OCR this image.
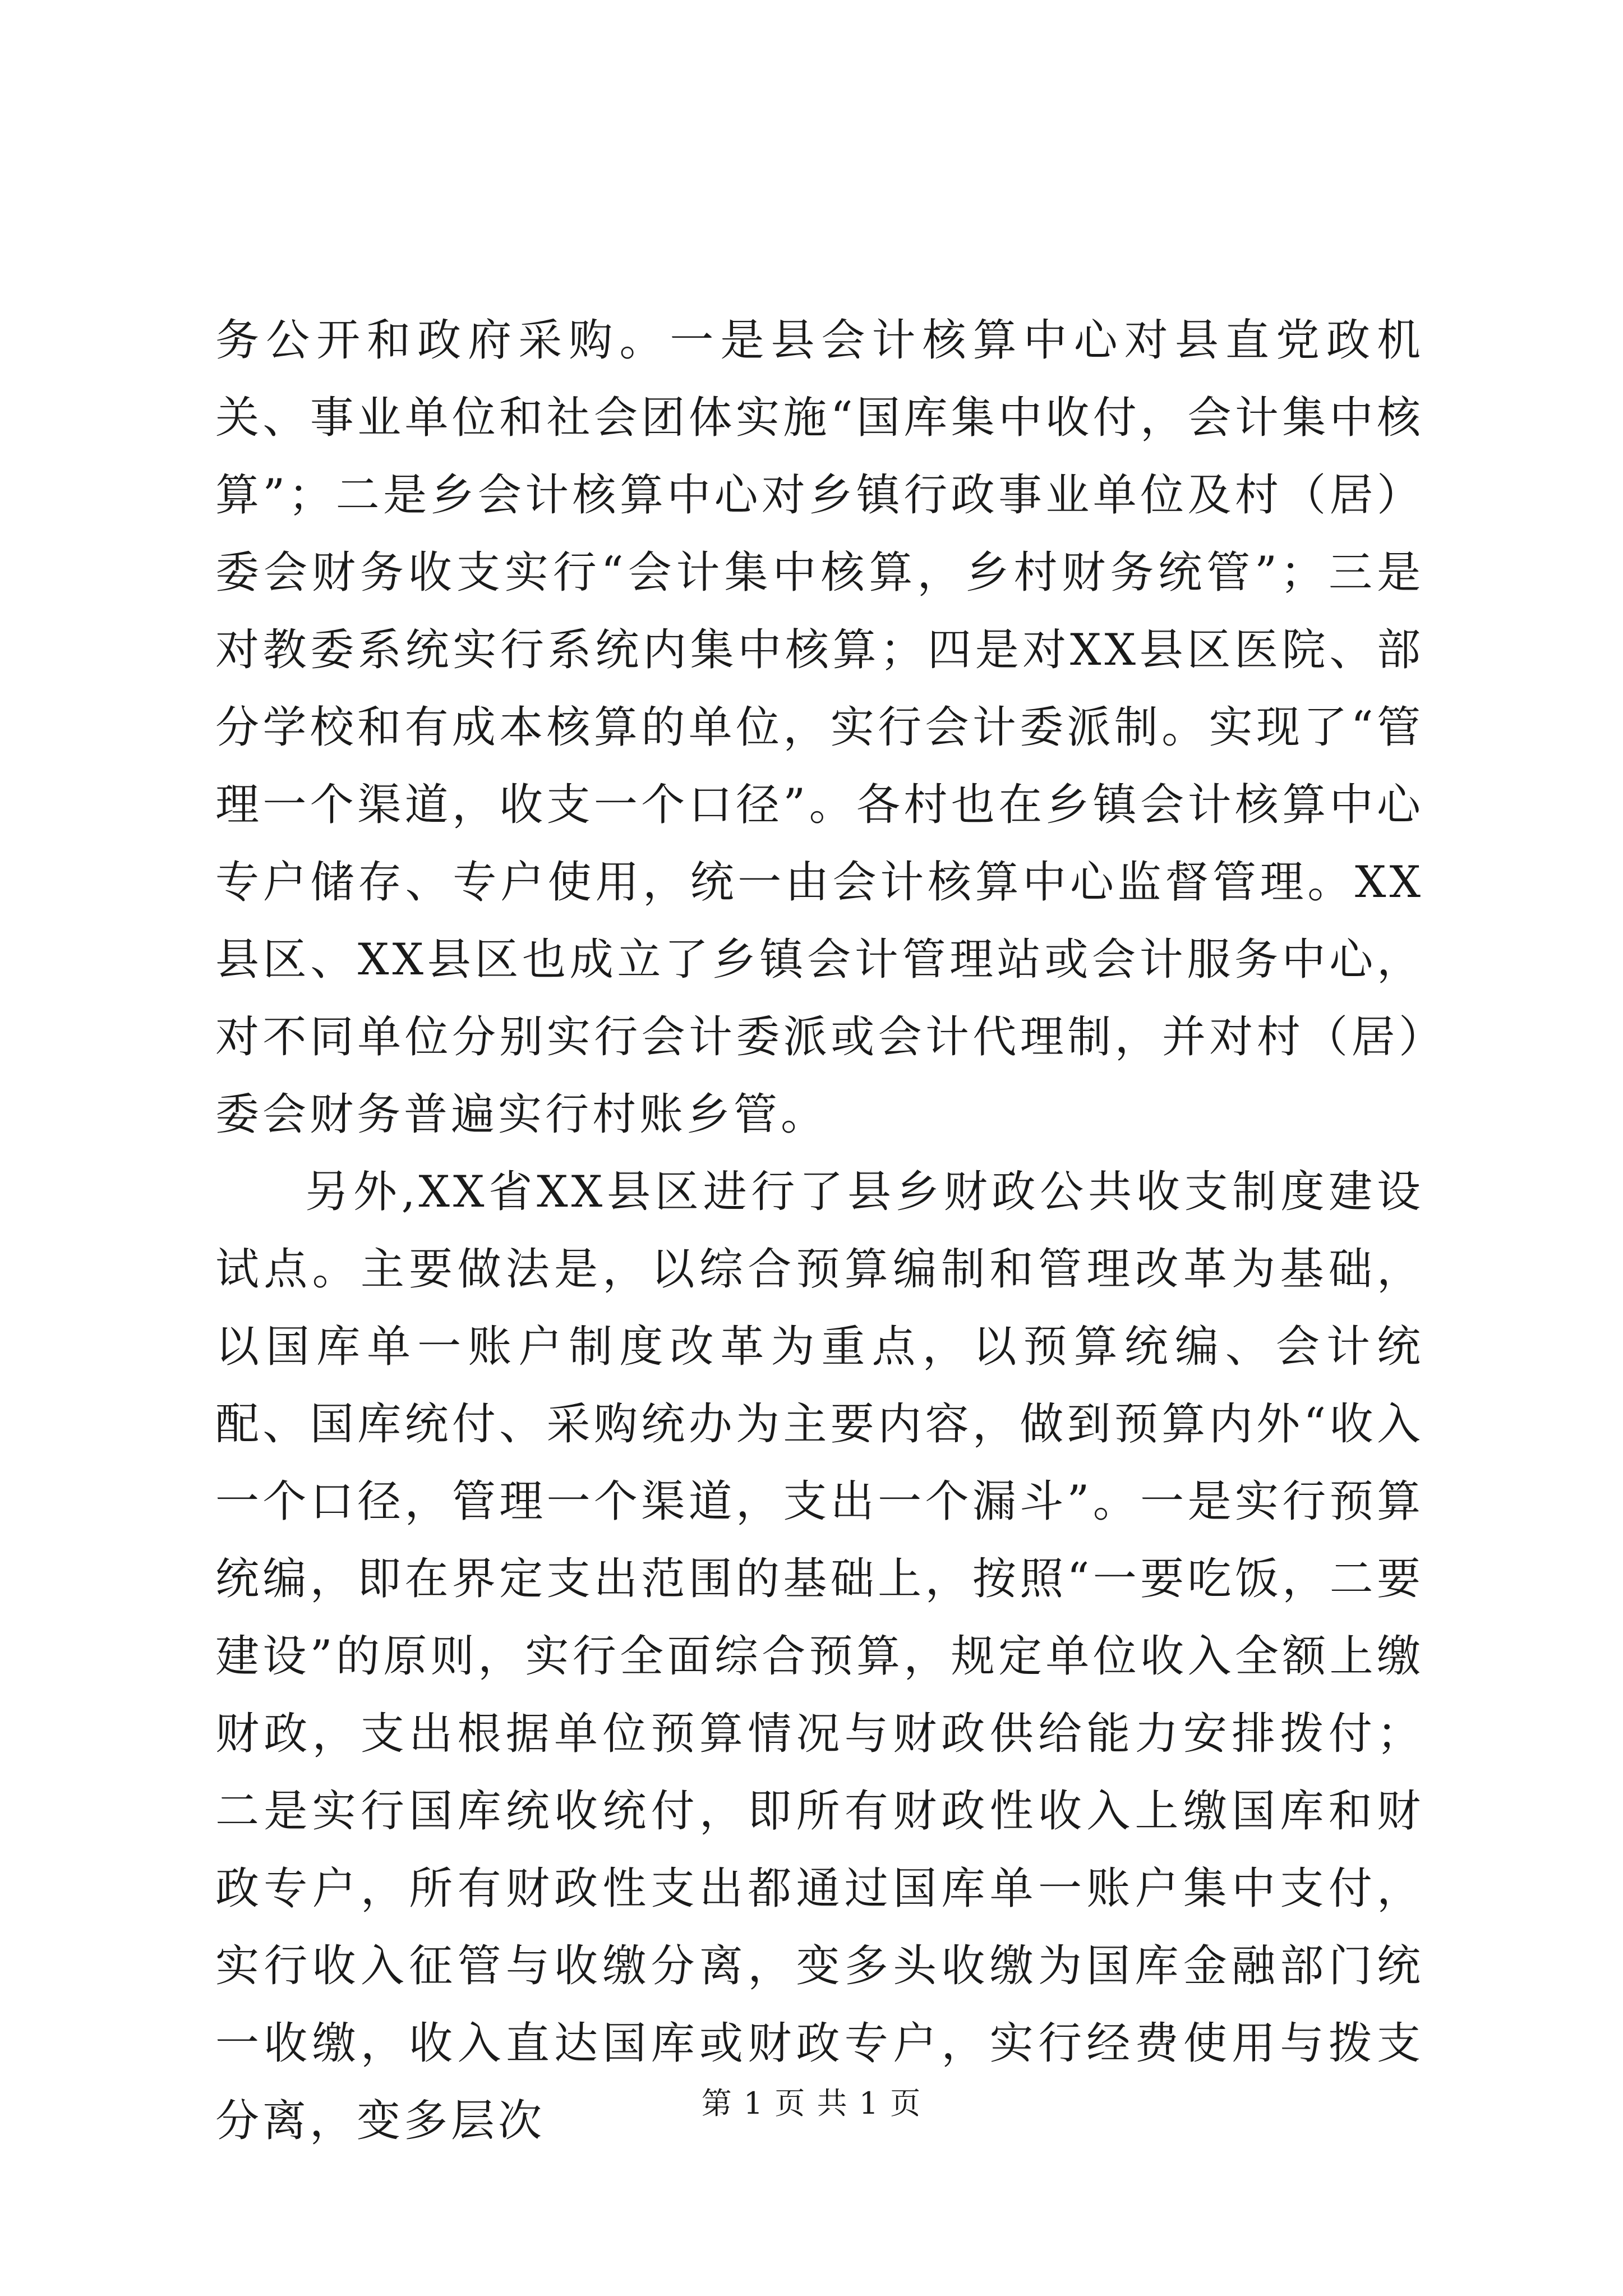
务公开和政府采购。一是县会计核算中心对县直党政机关、事业单位和社会团体实施“国库集中收付，会计集中核算”；二是乡会计核算中心对乡镇行政事业单位及村（居）委会财务收支实行“会计集中核算，乡村财务统管”；三是对教委系统实行系统内集中核算；四是对XX县区医院、部分学校和有成本核算的单位，实行会计委派制。实现了“管理一个渠道，收支一个口径”。各村也在乡镇会计核算中心专户储存、专户使用，统一由会计核算中心监督管理。XX县区、XX县区也成立了乡镇会计管理站或会计服务中心，对不同单位分别实行会计委派或会计代理制，并对村（居）委会财务普遍实行村账乡管。

另外,XX省XX县区进行了县乡财政公共收支制度建设试点。主要做法是，以综合预算编制和管理改革为基础，以国库单一账户制度改革为重点，以预算统编、会计统配、国库统付、采购统办为主要内容，做到预算内外“收入一个口径，管理一个渠道，支出一个漏斗”。一是实行预算统编，即在界定支出范围的基础上，按照“一要吃饭，二要建设”的原则，实行全面综合预算，规定单位收入全额上缴财政，支出根据单位预算情况与财政供给能力安排拨付；二是实行国库统收统付，即所有财政性收入上缴国库和财政专户，所有财政性支出都通过国库单一账户集中支付，实行收入征管与收缴分离，变多头收缴为国库金融部门统一收缴，收入直达国库或财政专户，实行经费使用与拨支分离，变多层次	第 1 页 共 1 页
